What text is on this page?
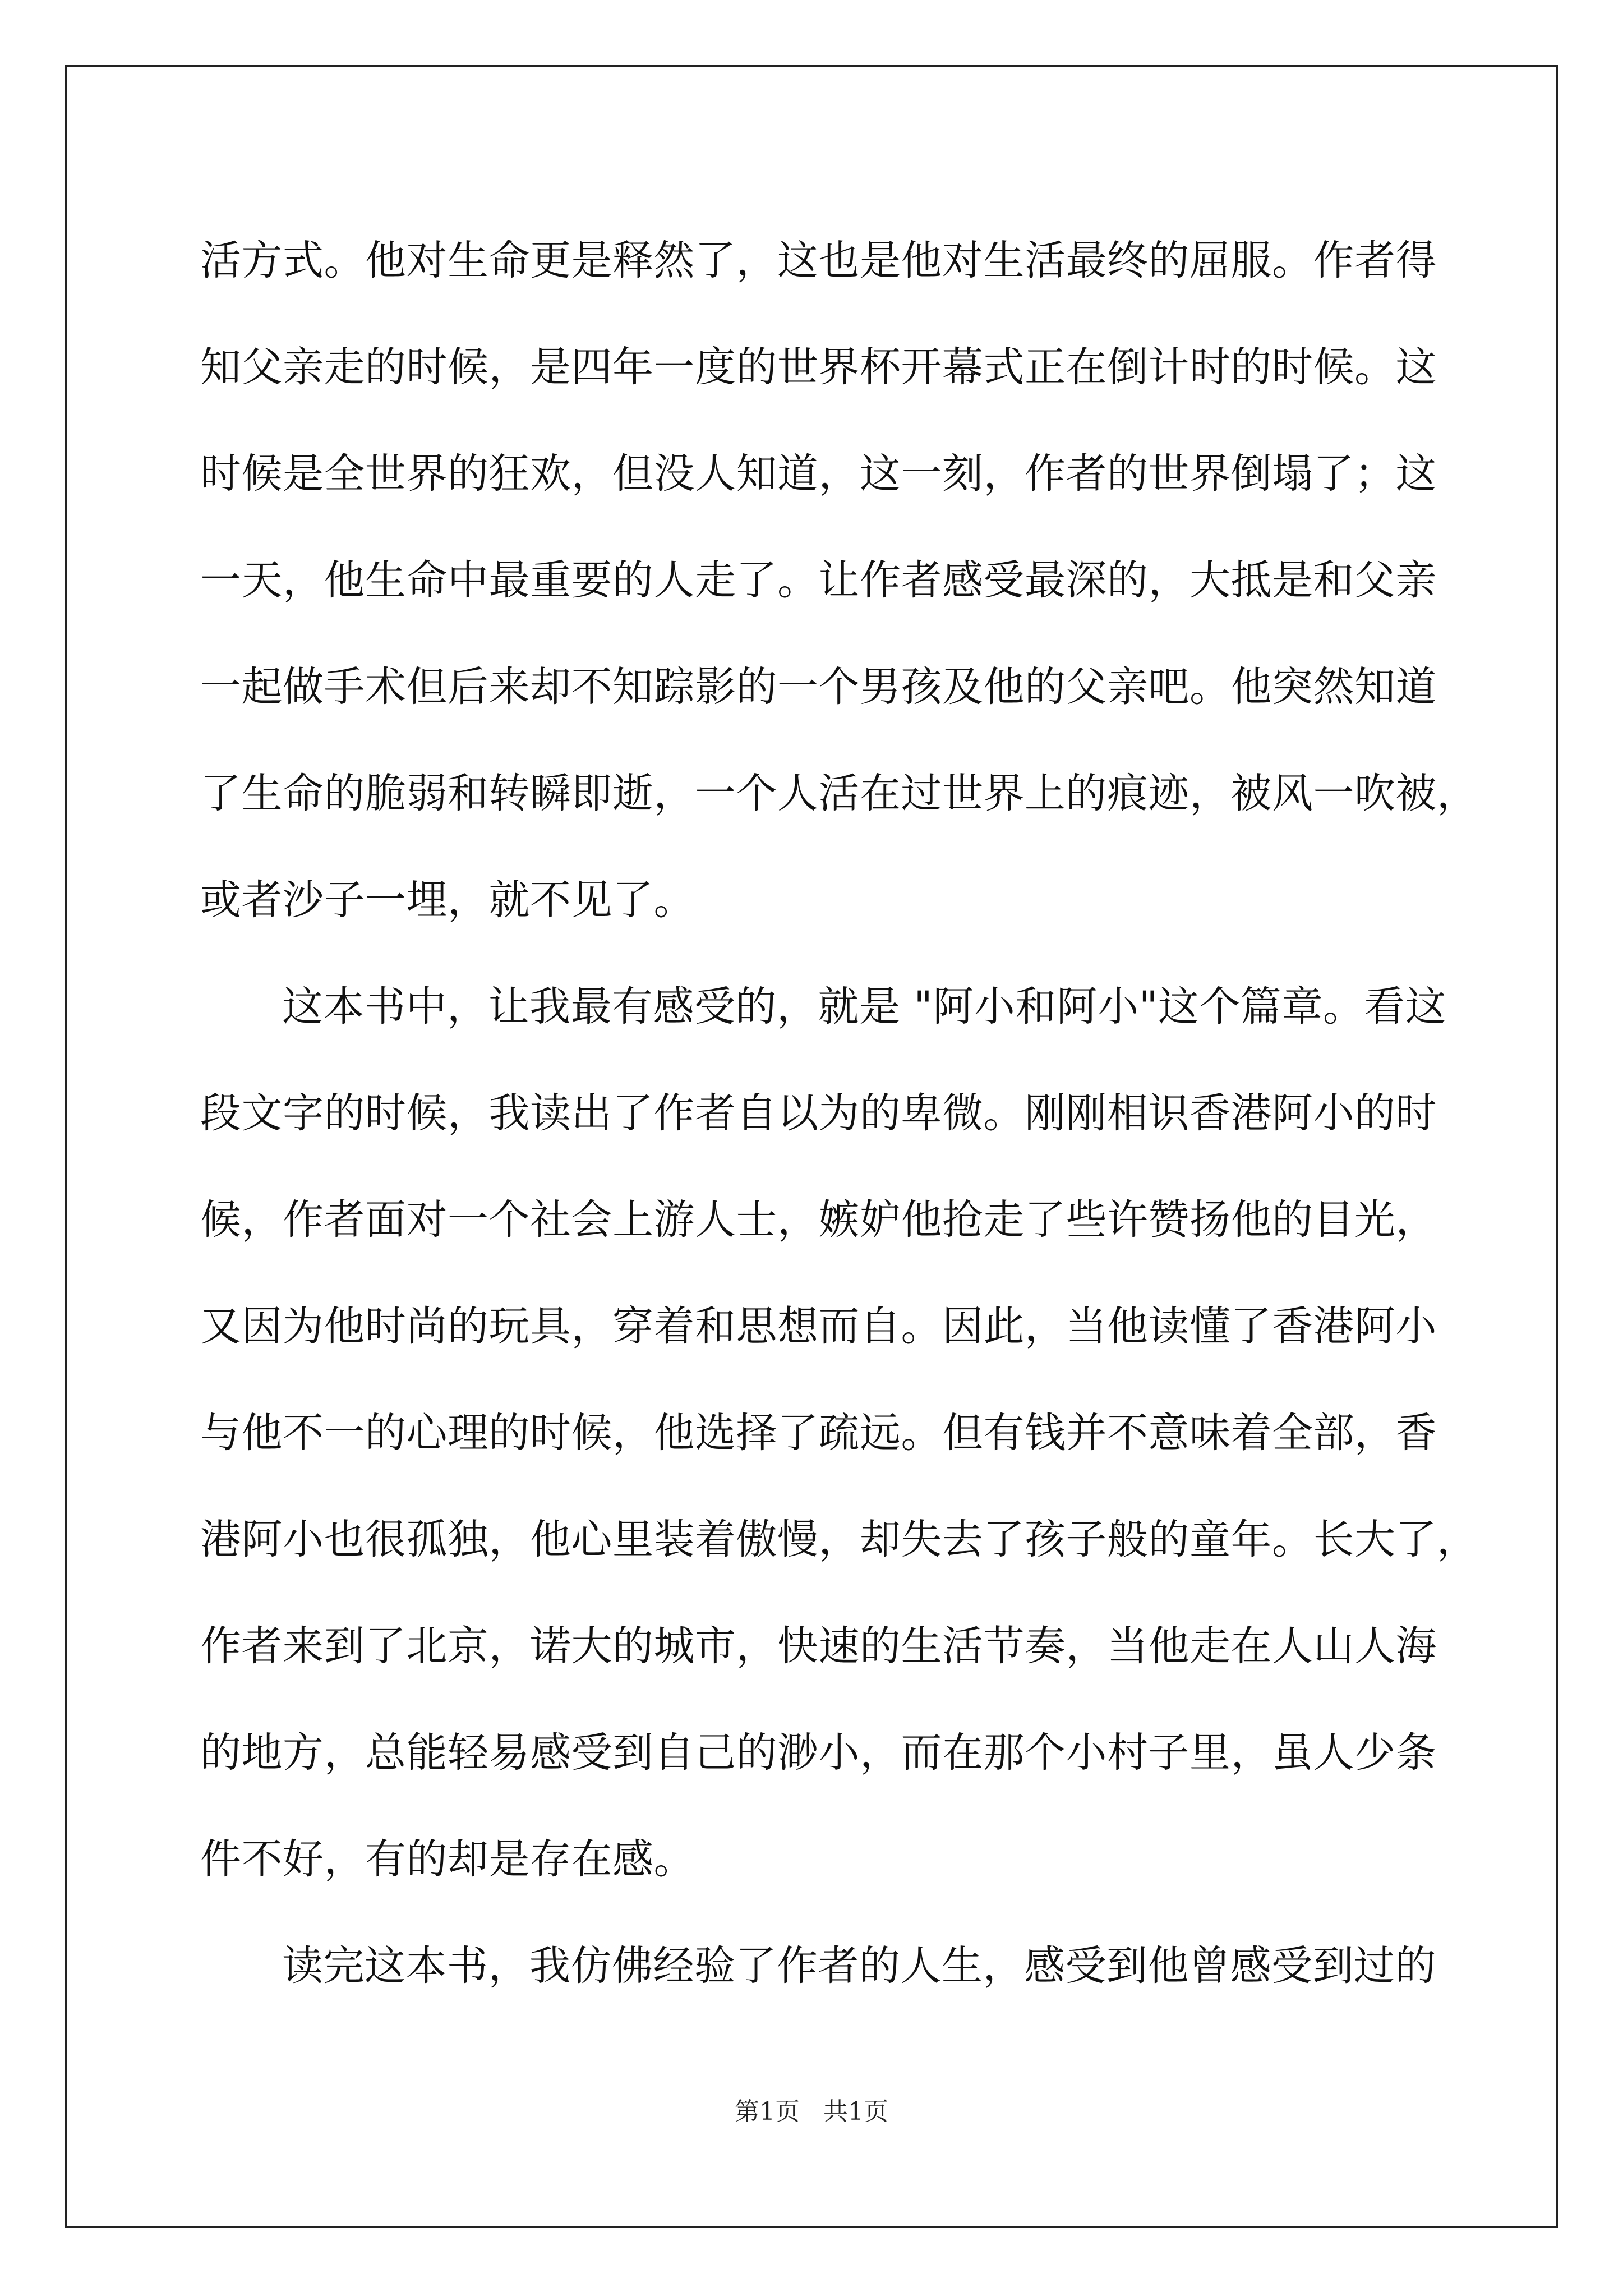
活方式。他对生命更是释然了，这也是他对生活最终的屈服。作者得
知父亲走的时候，是四年一度的世界杯开幕式正在倒计时的时候。这
时候是全世界的狂欢，但没人知道，这一刻，作者的世界倒塌了；这
一天，他生命中最重要的人走了。让作者感受最深的，大抵是和父亲
一起做手术但后来却不知踪影的一个男孩及他的父亲吧。他突然知道
了生命的脆弱和转瞬即逝，一个人活在过世界上的痕迹，被风一吹被，
或者沙子一埋，就不见了。
这本书中，让我最有感受的，就是 "阿小和阿小"这个篇章。看这
段文字的时候，我读出了作者自以为的卑微。刚刚相识香港阿小的时
候，作者面对一个社会上游人士，嫉妒他抢走了些许赞扬他的目光，
又因为他时尚的玩具，穿着和思想而自。因此，当他读懂了香港阿小
与他不一的心理的时候，他选择了疏远。但有钱并不意味着全部，香
港阿小也很孤独，他心里装着傲慢，却失去了孩子般的童年。长大了，
作者来到了北京，诺大的城市，快速的生活节奏，当他走在人山人海
的地方，总能轻易感受到自己的渺小，而在那个小村子里，虽人少条
件不好，有的却是存在感。
读完这本书，我仿佛经验了作者的人生，感受到他曾感受到过的
第1页 共1页
